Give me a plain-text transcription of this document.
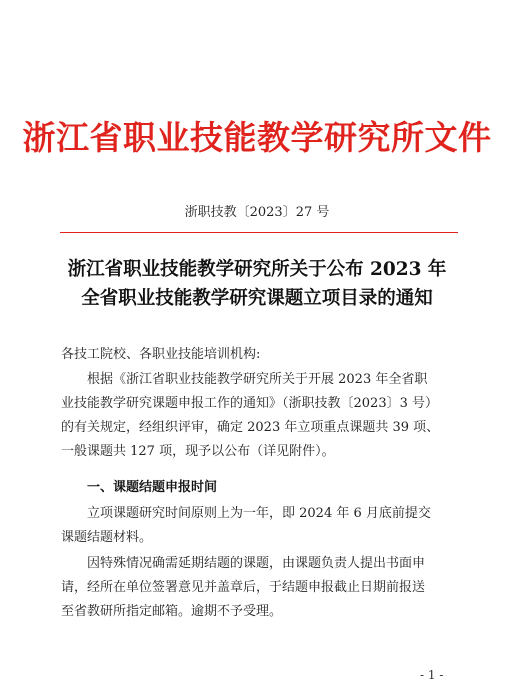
浙江省职业技能教学研究所文件
浙职技教〔2023〕27 号
浙江省职业技能教学研究所关于公布 2023 年
全省职业技能教学研究课题立项目录的通知
各技工院校、各职业技能培训机构:
根据《浙江省职业技能教学研究所关于开展 2023 年全省职
业技能教学研究课题申报工作的通知》（浙职技教〔2023〕3 号）
的有关规定，经组织评审，确定 2023 年立项重点课题共 39 项、
一般课题共 127 项，现予以公布（详见附件）。
一、课题结题申报时间
立项课题研究时间原则上为一年，即 2024 年 6 月底前提交
课题结题材料。
因特殊情况确需延期结题的课题，由课题负责人提出书面申
请，经所在单位签署意见并盖章后，于结题申报截止日期前报送
至省教研所指定邮箱。逾期不予受理。
- 1 -
